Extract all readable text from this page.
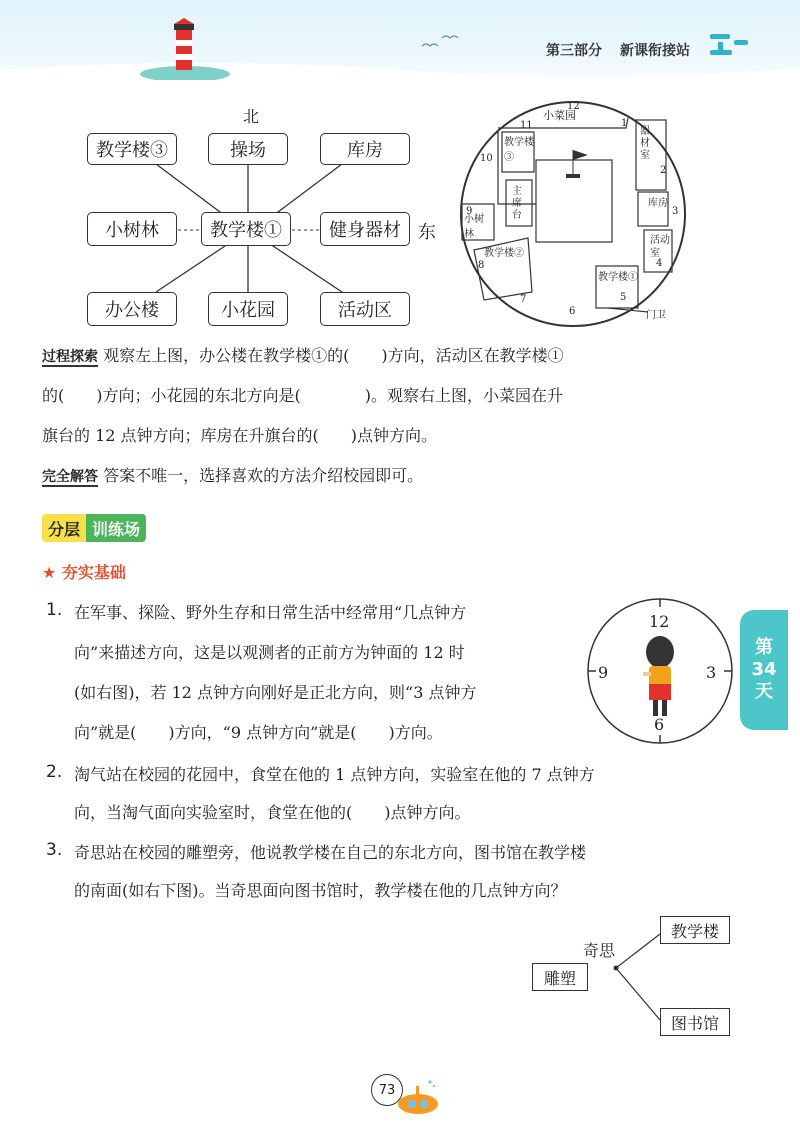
第三部分 新课衔接站
北
东
教学楼③	操场	库房
小树林	教学楼①	健身器材
办公楼	小花园	活动区
小菜园
教学楼③
器材室
主席台
库房
小树林
教学楼②
活动室
教学楼①
门卫
12
1
2
3
4
5
6
7
8
9
10
11
过程探索 观察左上图，办公楼在教学楼①的(　　)方向，活动区在教学楼①
的(　　)方向；小花园的东北方向是(　　　　)。观察右上图，小菜园在升
旗台的 12 点钟方向；库房在升旗台的(　　)点钟方向。
完全解答 答案不唯一，选择喜欢的方法介绍校园即可。
分层 训练场
★ 夯实基础
1. 在军事、探险、野外生存和日常生活中经常用“几点钟方
向”来描述方向，这是以观测者的正前方为钟面的 12 时
(如右图)，若 12 点钟方向刚好是正北方向，则“3 点钟方
向”就是(　　)方向，“9 点钟方向”就是(　　)方向。
12
3
6
9
2. 淘气站在校园的花园中，食堂在他的 1 点钟方向，实验室在他的 7 点钟方
向，当淘气面向实验室时，食堂在他的(　　)点钟方向。
3. 奇思站在校园的雕塑旁，他说教学楼在自己的东北方向，图书馆在教学楼
的南面(如右下图)。当奇思面向图书馆时，教学楼在他的几点钟方向？
奇思
雕塑
教学楼
图书馆
第
34
天
73
